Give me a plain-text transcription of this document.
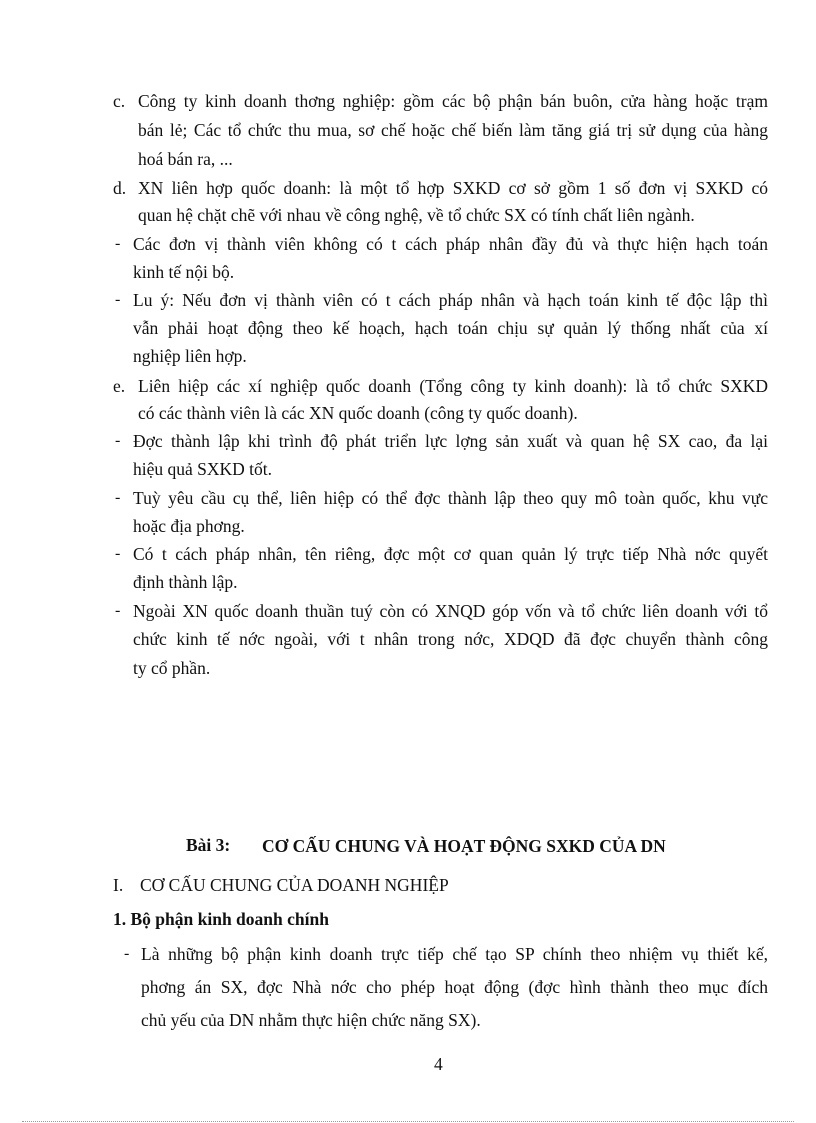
c. Công ty kinh doanh thơng nghiệp: gồm các bộ phận bán buôn, cửa hàng hoặc trạm
bán lẻ; Các tổ chức thu mua, sơ chế hoặc chế biến làm tăng giá trị sử dụng của hàng
hoá bán ra, ...
d. XN liên hợp quốc doanh: là một tổ hợp SXKD cơ sở gồm 1 số đơn vị SXKD có
quan hệ chặt chẽ với nhau về công nghệ, về tổ chức SX có tính chất liên ngành.
- Các đơn vị thành viên không có t cách pháp nhân đầy đủ và thực hiện hạch toán
kinh tế nội bộ.
- Lu ý: Nếu đơn vị thành viên có t cách pháp nhân và hạch toán kinh tế độc lập thì
vẫn phải hoạt động theo kế hoạch, hạch toán chịu sự quản lý thống nhất của xí
nghiệp liên hợp.
e. Liên hiệp các xí nghiệp quốc doanh (Tổng công ty kinh doanh): là tổ chức SXKD
có các thành viên là các XN quốc doanh (công ty quốc doanh).
- Đợc thành lập khi trình độ phát triển lực lợng sản xuất và quan hệ SX cao, đa lại
hiệu quả SXKD tốt.
- Tuỳ yêu cầu cụ thể, liên hiệp có thể đợc thành lập theo quy mô toàn quốc, khu vực
hoặc địa phơng.
- Có t cách pháp nhân, tên riêng, đợc một cơ quan quản lý trực tiếp Nhà nớc quyết
định thành lập.
- Ngoài XN quốc doanh thuần tuý còn có XNQD góp vốn và tổ chức liên doanh với tổ
chức kinh tế nớc ngoài, với t nhân trong nớc, XDQD đã đợc chuyển thành công
ty cổ phần.
Bài 3: CƠ CẤU CHUNG VÀ HOẠT ĐỘNG SXKD CỦA DN
I. CƠ CẤU CHUNG CỦA DOANH NGHIỆP
1. Bộ phận kinh doanh chính
- Là những bộ phận kinh doanh trực tiếp chế tạo SP chính theo nhiệm vụ thiết kế,
phơng án SX, đợc Nhà nớc cho phép hoạt động (đợc hình thành theo mục đích
chủ yếu của DN nhằm thực hiện chức năng SX).
4
